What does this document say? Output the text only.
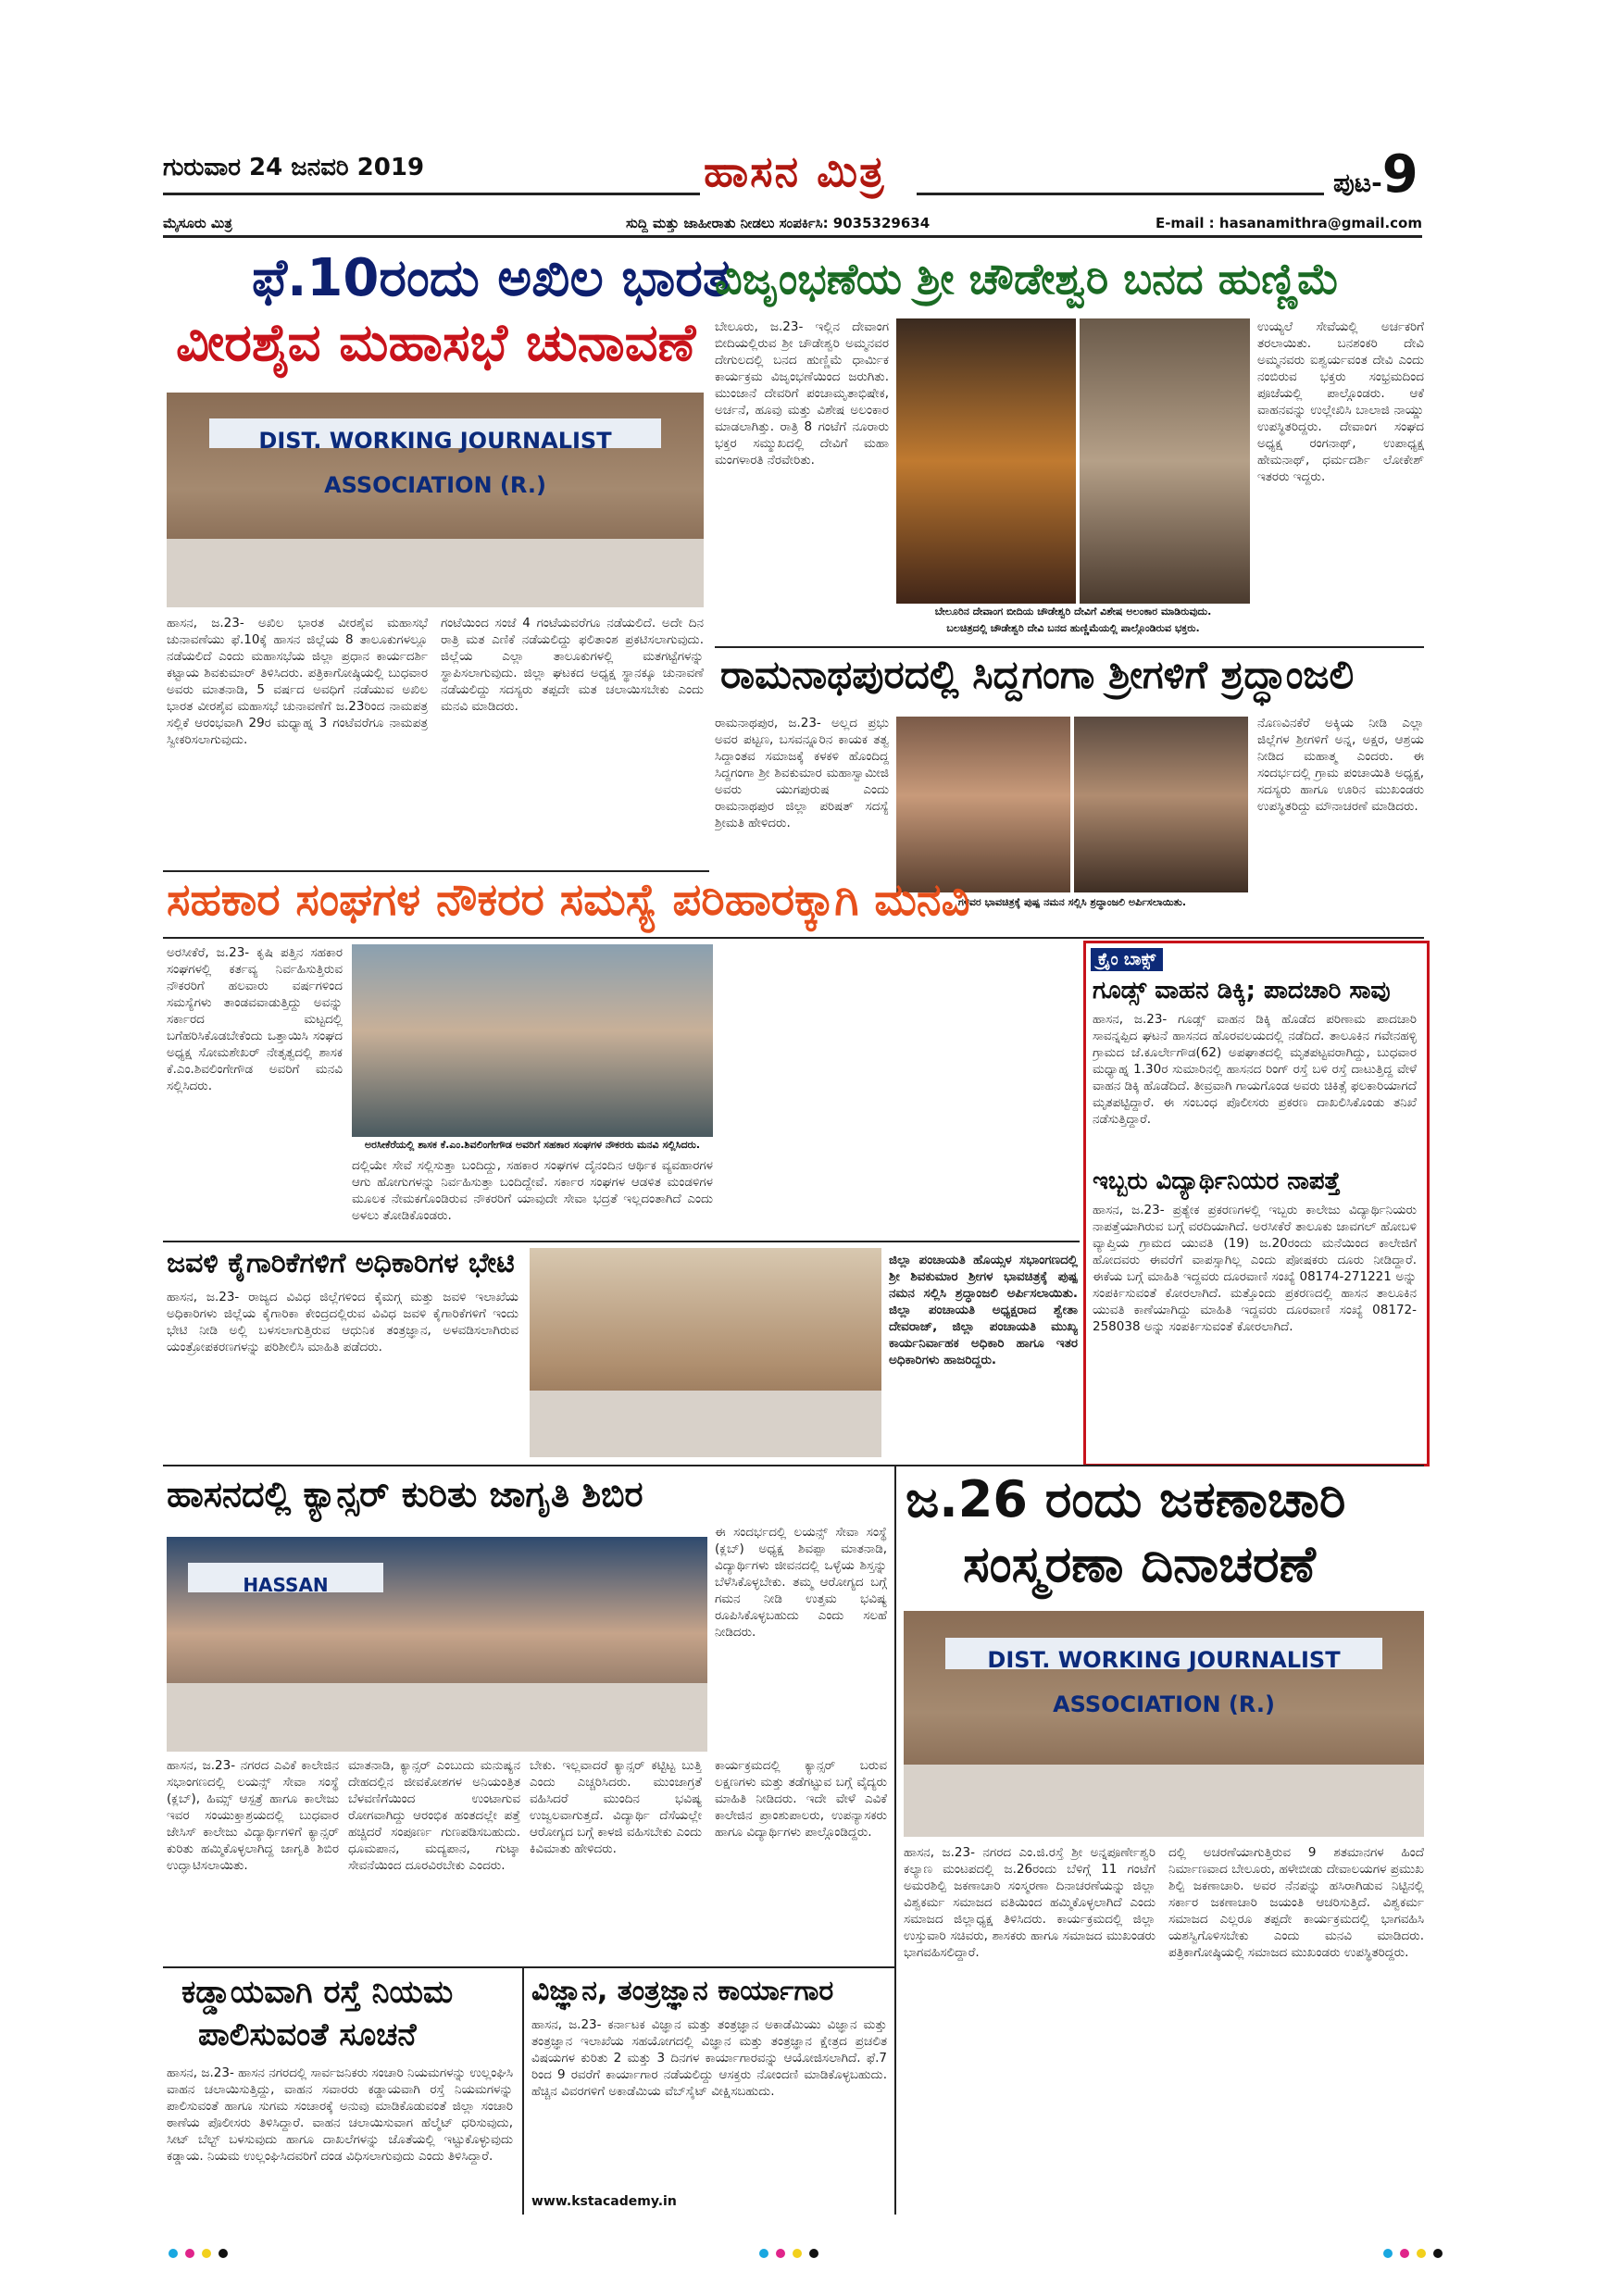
ಗುರುವಾರ 24 ಜನವರಿ 2019	ಹಾಸನ ಮಿತ್ರ	ಪುಟ-9
ಮೈಸೂರು ಮಿತ್ರ	ಸುದ್ದಿ ಮತ್ತು ಜಾಹೀರಾತು ನೀಡಲು ಸಂಪರ್ಕಿಸಿ: 9035329634	E-mail : hasanamithra@gmail.com
ಫೆ.10ರಂದು ಅಖಿಲ ಭಾರತ
ವೀರಶೈವ ಮಹಾಸಭೆ ಚುನಾವಣೆ
DIST. WORKING JOURNALIST ASSOCIATION (R.)
ಹಾಸನ, ಜ.23- ಅಖಿಲ ಭಾರತ ವೀರಶೈವ ಮಹಾಸಭೆ ಚುನಾವಣೆಯು ಫೆ.10ಕ್ಕೆ ಹಾಸನ ಜಿಲ್ಲೆಯ 8 ತಾಲೂಕುಗಳಲ್ಲೂ ನಡೆಯಲಿದೆ ಎಂದು ಮಹಾಸಭೆಯ ಜಿಲ್ಲಾ ಪ್ರಧಾನ ಕಾರ್ಯದರ್ಶಿ ಕಟ್ಟಾಯ ಶಿವಕುಮಾರ್ ತಿಳಿಸಿದರು. ಪತ್ರಿಕಾಗೋಷ್ಠಿಯಲ್ಲಿ ಬುಧವಾರ ಅವರು ಮಾತನಾಡಿ, 5 ವರ್ಷದ ಅವಧಿಗೆ ನಡೆಯುವ ಅಖಿಲ ಭಾರತ ವೀರಶೈವ ಮಹಾಸಭೆ ಚುನಾವಣೆಗೆ ಜ.23ರಿಂದ ನಾಮಪತ್ರ ಸಲ್ಲಿಕೆ ಆರಂಭವಾಗಿ 29ರ ಮಧ್ಯಾಹ್ನ 3 ಗಂಟೆವರೆಗೂ ನಾಮಪತ್ರ ಸ್ವೀಕರಿಸಲಾಗುವುದು.
ಗಂಟೆಯಿಂದ ಸಂಜೆ 4 ಗಂಟೆಯವರೆಗೂ ನಡೆಯಲಿದೆ. ಅದೇ ದಿನ ರಾತ್ರಿ ಮತ ಎಣಿಕೆ ನಡೆಯಲಿದ್ದು ಫಲಿತಾಂಶ ಪ್ರಕಟಿಸಲಾಗುವುದು. ಜಿಲ್ಲೆಯ ಎಲ್ಲಾ ತಾಲೂಕುಗಳಲ್ಲಿ ಮತಗಟ್ಟೆಗಳನ್ನು ಸ್ಥಾಪಿಸಲಾಗುವುದು. ಜಿಲ್ಲಾ ಘಟಕದ ಅಧ್ಯಕ್ಷ ಸ್ಥಾನಕ್ಕೂ ಚುನಾವಣೆ ನಡೆಯಲಿದ್ದು ಸದಸ್ಯರು ತಪ್ಪದೇ ಮತ ಚಲಾಯಿಸಬೇಕು ಎಂದು ಮನವಿ ಮಾಡಿದರು.
ವಿಜೃಂಭಣೆಯ ಶ್ರೀ ಚೌಡೇಶ್ವರಿ ಬನದ ಹುಣ್ಣಿಮೆ
ಬೇಲೂರು, ಜ.23- ಇಲ್ಲಿನ ದೇವಾಂಗ ಬೀದಿಯಲ್ಲಿರುವ ಶ್ರೀ ಚೌಡೇಶ್ವರಿ ಅಮ್ಮನವರ ದೇಗುಲದಲ್ಲಿ ಬನದ ಹುಣ್ಣಿಮೆ ಧಾರ್ಮಿಕ ಕಾರ್ಯಕ್ರಮ ವಿಜೃಂಭಣೆಯಿಂದ ಜರುಗಿತು. ಮುಂಜಾನೆ ದೇವರಿಗೆ ಪಂಚಾಮೃತಾಭಿಷೇಕ, ಅರ್ಚನೆ, ಹೂವು ಮತ್ತು ವಿಶೇಷ ಅಲಂಕಾರ ಮಾಡಲಾಗಿತ್ತು. ರಾತ್ರಿ 8 ಗಂಟೆಗೆ ನೂರಾರು ಭಕ್ತರ ಸಮ್ಮುಖದಲ್ಲಿ ದೇವಿಗೆ ಮಹಾ ಮಂಗಳಾರತಿ ನೆರವೇರಿತು.
ಬೇಲೂರಿನ ದೇವಾಂಗ ಬೀದಿಯ ಚೌಡೇಶ್ವರಿ ದೇವಿಗೆ ವಿಶೇಷ ಅಲಂಕಾರ ಮಾಡಿರುವುದು.
ಬಲಚಿತ್ರದಲ್ಲಿ ಚೌಡೇಶ್ವರಿ ದೇವಿ ಬನದ ಹುಣ್ಣಿಮೆಯಲ್ಲಿ ಪಾಲ್ಗೊಂಡಿರುವ ಭಕ್ತರು.
ಉಯ್ಯಲೆ ಸೇವೆಯಲ್ಲಿ ಅರ್ಚಕರಿಗೆ ತರಲಾಯಿತು. ಬನಶಂಕರಿ ದೇವಿ ಅಮ್ಮನವರು ಐಶ್ವರ್ಯವಂತ ದೇವಿ ಎಂದು ನಂಬಿರುವ ಭಕ್ತರು ಸಂಭ್ರಮದಿಂದ ಪೂಜೆಯಲ್ಲಿ ಪಾಲ್ಗೊಂಡರು. ಆಕೆ ವಾಹನವನ್ನು ಉಲ್ಲೇಖಿಸಿ ಬಾಲಾಜಿ ನಾಯ್ಡು ಉಪಸ್ಥಿತರಿದ್ದರು. ದೇವಾಂಗ ಸಂಘದ ಅಧ್ಯಕ್ಷ ರಂಗನಾಥ್, ಉಪಾಧ್ಯಕ್ಷ ಹೇಮನಾಥ್, ಧರ್ಮದರ್ಶಿ ಲೋಕೇಶ್ ಇತರರು ಇದ್ದರು.
ರಾಮನಾಥಪುರದಲ್ಲಿ ಸಿದ್ದಗಂಗಾ ಶ್ರೀಗಳಿಗೆ ಶ್ರದ್ಧಾಂಜಲಿ
ರಾಮನಾಥಪುರ, ಜ.23- ಅಲ್ಲದ ಪ್ರಭು ಅವರ ಪಟ್ಟಣ, ಬಸವನ್ನೂರಿನ ಕಾಯಕ ತತ್ವ ಸಿದ್ದಾಂತವ ಸಮಾಜಕ್ಕೆ ಕಳಕಳಿ ಹೊಂದಿದ್ದ ಸಿದ್ದಗಂಗಾ ಶ್ರೀ ಶಿವಕುಮಾರ ಮಹಾಸ್ವಾಮೀಜಿ ಅವರು ಯುಗಪುರುಷ ಎಂದು ರಾಮನಾಥಪುರ ಜಿಲ್ಲಾ ಪರಿಷತ್ ಸದಸ್ಯೆ ಶ್ರೀಮತಿ ಹೇಳಿದರು.
ಗಳವರ ಭಾವಚಿತ್ರಕ್ಕೆ ಪುಷ್ಪ ನಮನ ಸಲ್ಲಿಸಿ ಶ್ರದ್ಧಾಂಜಲಿ ಅರ್ಪಿಸಲಾಯಿತು.
ನೊಣವಿನಕೆರೆ ಅಕ್ಕಿಯ ನೀಡಿ ಎಲ್ಲಾ ಜಿಲ್ಲೆಗಳ ಶ್ರೀಗಳಿಗೆ ಅನ್ನ, ಅಕ್ಷರ, ಆಶ್ರಯ ನೀಡಿದ ಮಹಾತ್ಮ ಎಂದರು. ಈ ಸಂದರ್ಭದಲ್ಲಿ ಗ್ರಾಮ ಪಂಚಾಯಿತಿ ಅಧ್ಯಕ್ಷ, ಸದಸ್ಯರು ಹಾಗೂ ಊರಿನ ಮುಖಂಡರು ಉಪಸ್ಥಿತರಿದ್ದು ಮೌನಾಚರಣೆ ಮಾಡಿದರು.
ಸಹಕಾರ ಸಂಘಗಳ ನೌಕರರ ಸಮಸ್ಯೆ ಪರಿಹಾರಕ್ಕಾಗಿ ಮನವಿ
ಅರಸೀಕೆರೆ, ಜ.23- ಕೃಷಿ ಪತ್ತಿನ ಸಹಕಾರ ಸಂಘಗಳಲ್ಲಿ ಕರ್ತವ್ಯ ನಿರ್ವಹಿಸುತ್ತಿರುವ ನೌಕರರಿಗೆ ಹಲವಾರು ವರ್ಷಗಳಿಂದ ಸಮಸ್ಯೆಗಳು ತಾಂಡವವಾಡುತ್ತಿದ್ದು ಅವನ್ನು ಸರ್ಕಾರದ ಮಟ್ಟದಲ್ಲಿ ಬಗೆಹರಿಸಿಕೊಡಬೇಕೆಂದು ಒತ್ತಾಯಿಸಿ ಸಂಘದ ಅಧ್ಯಕ್ಷ ಸೋಮಶೇಖರ್ ನೇತೃತ್ವದಲ್ಲಿ ಶಾಸಕ ಕೆ.ಎಂ.ಶಿವಲಿಂಗೇಗೌಡ ಅವರಿಗೆ ಮನವಿ ಸಲ್ಲಿಸಿದರು.
ಅರಸೀಕೆರೆಯಲ್ಲಿ ಶಾಸಕ ಕೆ.ಎಂ.ಶಿವಲಿಂಗೇಗೌಡ ಅವರಿಗೆ ಸಹಕಾರ ಸಂಘಗಳ ನೌಕರರು ಮನವಿ ಸಲ್ಲಿಸಿದರು.
ದಲ್ಲಿಯೇ ಸೇವೆ ಸಲ್ಲಿಸುತ್ತಾ ಬಂದಿದ್ದು, ಸಹಕಾರ ಸಂಘಗಳ ದೈನಂದಿನ ಆರ್ಥಿಕ ವ್ಯವಹಾರಗಳ ಆಗು ಹೋಗುಗಳನ್ನು ನಿರ್ವಹಿಸುತ್ತಾ ಬಂದಿದ್ದೇವೆ. ಸರ್ಕಾರ ಸಂಘಗಳ ಆಡಳಿತ ಮಂಡಳಿಗಳ ಮೂಲಕ ನೇಮಕಗೊಂಡಿರುವ ನೌಕರರಿಗೆ ಯಾವುದೇ ಸೇವಾ ಭದ್ರತೆ ಇಲ್ಲದಂತಾಗಿದೆ ಎಂದು ಅಳಲು ತೋಡಿಕೊಂಡರು.
ಕ್ರೈಂ ಬಾಕ್ಸ್
ಗೂಡ್ಸ್ ವಾಹನ ಡಿಕ್ಕಿ; ಪಾದಚಾರಿ ಸಾವು
ಹಾಸನ, ಜ.23- ಗೂಡ್ಸ್ ವಾಹನ ಡಿಕ್ಕಿ ಹೊಡೆದ ಪರಿಣಾಮ ಪಾದಚಾರಿ ಸಾವನ್ನಪ್ಪಿದ ಘಟನೆ ಹಾಸನದ ಹೊರವಲಯದಲ್ಲಿ ನಡೆದಿದೆ. ತಾಲೂಕಿನ ಗವೇನಹಳ್ಳಿ ಗ್ರಾಮದ ಜೆ.ಕೂರ್ಲೇಗೌಡ(62) ಅಪಘಾತದಲ್ಲಿ ಮೃತಪಟ್ಟವರಾಗಿದ್ದು, ಬುಧವಾರ ಮಧ್ಯಾಹ್ನ 1.30ರ ಸುಮಾರಿನಲ್ಲಿ ಹಾಸನದ ರಿಂಗ್ ರಸ್ತೆ ಬಳಿ ರಸ್ತೆ ದಾಟುತ್ತಿದ್ದ ವೇಳೆ ವಾಹನ ಡಿಕ್ಕಿ ಹೊಡೆದಿದೆ. ತೀವ್ರವಾಗಿ ಗಾಯಗೊಂಡ ಅವರು ಚಿಕಿತ್ಸೆ ಫಲಕಾರಿಯಾಗದೆ ಮೃತಪಟ್ಟಿದ್ದಾರೆ. ಈ ಸಂಬಂಧ ಪೊಲೀಸರು ಪ್ರಕರಣ ದಾಖಲಿಸಿಕೊಂಡು ತನಿಖೆ ನಡೆಸುತ್ತಿದ್ದಾರೆ.
ಇಬ್ಬರು ವಿದ್ಯಾರ್ಥಿನಿಯರ ನಾಪತ್ತೆ
ಹಾಸನ, ಜ.23- ಪ್ರತ್ಯೇಕ ಪ್ರಕರಣಗಳಲ್ಲಿ ಇಬ್ಬರು ಕಾಲೇಜು ವಿದ್ಯಾರ್ಥಿನಿಯರು ನಾಪತ್ತೆಯಾಗಿರುವ ಬಗ್ಗೆ ವರದಿಯಾಗಿದೆ. ಅರಸೀಕೆರೆ ತಾಲೂಕು ಜಾವಗಲ್ ಹೋಬಳಿ ವ್ಯಾಪ್ತಿಯ ಗ್ರಾಮದ ಯುವತಿ (19) ಜ.20ರಂದು ಮನೆಯಿಂದ ಕಾಲೇಜಿಗೆ ಹೋದವರು ಈವರೆಗೆ ವಾಪಸ್ಸಾಗಿಲ್ಲ ಎಂದು ಪೋಷಕರು ದೂರು ನೀಡಿದ್ದಾರೆ. ಈಕೆಯ ಬಗ್ಗೆ ಮಾಹಿತಿ ಇದ್ದವರು ದೂರವಾಣಿ ಸಂಖ್ಯೆ 08174-271221 ಅನ್ನು ಸಂಪರ್ಕಿಸುವಂತೆ ಕೋರಲಾಗಿದೆ. ಮತ್ತೊಂದು ಪ್ರಕರಣದಲ್ಲಿ ಹಾಸನ ತಾಲೂಕಿನ ಯುವತಿ ಕಾಣೆಯಾಗಿದ್ದು ಮಾಹಿತಿ ಇದ್ದವರು ದೂರವಾಣಿ ಸಂಖ್ಯೆ 08172-258038 ಅನ್ನು ಸಂಪರ್ಕಿಸುವಂತೆ ಕೋರಲಾಗಿದೆ.
ಜವಳಿ ಕೈಗಾರಿಕೆಗಳಿಗೆ ಅಧಿಕಾರಿಗಳ ಭೇಟಿ
ಹಾಸನ, ಜ.23- ರಾಜ್ಯದ ವಿವಿಧ ಜಿಲ್ಲೆಗಳಿಂದ ಕೈಮಗ್ಗ ಮತ್ತು ಜವಳಿ ಇಲಾಖೆಯ ಅಧಿಕಾರಿಗಳು ಜಿಲ್ಲೆಯ ಕೈಗಾರಿಕಾ ಕೇಂದ್ರದಲ್ಲಿರುವ ವಿವಿಧ ಜವಳಿ ಕೈಗಾರಿಕೆಗಳಿಗೆ ಇಂದು ಭೇಟಿ ನೀಡಿ ಅಲ್ಲಿ ಬಳಸಲಾಗುತ್ತಿರುವ ಆಧುನಿಕ ತಂತ್ರಜ್ಞಾನ, ಅಳವಡಿಸಲಾಗಿರುವ ಯಂತ್ರೋಪಕರಣಗಳನ್ನು ಪರಿಶೀಲಿಸಿ ಮಾಹಿತಿ ಪಡೆದರು.
ಜಿಲ್ಲಾ ಪಂಚಾಯತಿ ಹೊಯ್ಸಳ ಸಭಾಂಗಣದಲ್ಲಿ ಶ್ರೀ ಶಿವಕುಮಾರ ಶ್ರೀಗಳ ಭಾವಚಿತ್ರಕ್ಕೆ ಪುಷ್ಪ ನಮನ ಸಲ್ಲಿಸಿ ಶ್ರದ್ಧಾಂಜಲಿ ಅರ್ಪಿಸಲಾಯಿತು. ಜಿಲ್ಲಾ ಪಂಚಾಯತಿ ಅಧ್ಯಕ್ಷರಾದ ಶ್ವೇತಾ ದೇವರಾಜ್, ಜಿಲ್ಲಾ ಪಂಚಾಯತಿ ಮುಖ್ಯ ಕಾರ್ಯನಿರ್ವಾಹಕ ಅಧಿಕಾರಿ ಹಾಗೂ ಇತರ ಅಧಿಕಾರಿಗಳು ಹಾಜರಿದ್ದರು.
ಹಾಸನದಲ್ಲಿ ಕ್ಯಾನ್ಸರ್ ಕುರಿತು ಜಾಗೃತಿ ಶಿಬಿರ
HASSAN
ಈ ಸಂದರ್ಭದಲ್ಲಿ ಲಯನ್ಸ್ ಸೇವಾ ಸಂಸ್ಥೆ (ಕ್ಲಬ್) ಅಧ್ಯಕ್ಷ ಶಿವಪ್ಪಾ ಮಾತನಾಡಿ, ವಿದ್ಯಾರ್ಥಿಗಳು ಜೀವನದಲ್ಲಿ ಒಳ್ಳೆಯ ಶಿಸ್ತನ್ನು ಬೆಳೆಸಿಕೊಳ್ಳಬೇಕು. ತಮ್ಮ ಆರೋಗ್ಯದ ಬಗ್ಗೆ ಗಮನ ನೀಡಿ ಉತ್ತಮ ಭವಿಷ್ಯ ರೂಪಿಸಿಕೊಳ್ಳಬಹುದು ಎಂದು ಸಲಹೆ ನೀಡಿದರು.
ಹಾಸನ, ಜ.23- ನಗರದ ಎವಿಕೆ ಕಾಲೇಜಿನ ಸಭಾಂಗಣದಲ್ಲಿ ಲಯನ್ಸ್ ಸೇವಾ ಸಂಸ್ಥೆ (ಕ್ಲಬ್), ಹಿಮ್ಸ್ ಆಸ್ಪತ್ರೆ ಹಾಗೂ ಕಾಲೇಜು ಇವರ ಸಂಯುಕ್ತಾಶ್ರಯದಲ್ಲಿ ಬುಧವಾರ ಜೇಸಿಸ್ ಕಾಲೇಜು ವಿದ್ಯಾರ್ಥಿಗಳಿಗೆ ಕ್ಯಾನ್ಸರ್ ಕುರಿತು ಹಮ್ಮಿಕೊಳ್ಳಲಾಗಿದ್ದ ಜಾಗೃತಿ ಶಿಬಿರ ಉದ್ಘಾಟಿಸಲಾಯಿತು.
ಮಾತನಾಡಿ, ಕ್ಯಾನ್ಸರ್ ಎಂಬುದು ಮನುಷ್ಯನ ದೇಹದಲ್ಲಿನ ಜೀವಕೋಶಗಳ ಅನಿಯಂತ್ರಿತ ಬೆಳವಣಿಗೆಯಿಂದ ಉಂಟಾಗುವ ರೋಗವಾಗಿದ್ದು ಆರಂಭಿಕ ಹಂತದಲ್ಲೇ ಪತ್ತೆ ಹಚ್ಚಿದರೆ ಸಂಪೂರ್ಣ ಗುಣಪಡಿಸಬಹುದು. ಧೂಮಪಾನ, ಮದ್ಯಪಾನ, ಗುಟ್ಕಾ ಸೇವನೆಯಿಂದ ದೂರವಿರಬೇಕು ಎಂದರು.
ಬೇಕು. ಇಲ್ಲವಾದರೆ ಕ್ಯಾನ್ಸರ್ ಕಟ್ಟಿಟ್ಟ ಬುತ್ತಿ ಎಂದು ಎಚ್ಚರಿಸಿದರು. ಮುಂಜಾಗ್ರತೆ ವಹಿಸಿದರೆ ಮುಂದಿನ ಭವಿಷ್ಯ ಉಜ್ವಲವಾಗುತ್ತದೆ. ವಿದ್ಯಾರ್ಥಿ ದೆಸೆಯಲ್ಲೇ ಆರೋಗ್ಯದ ಬಗ್ಗೆ ಕಾಳಜಿ ವಹಿಸಬೇಕು ಎಂದು ಕಿವಿಮಾತು ಹೇಳಿದರು.
ಕಾರ್ಯಕ್ರಮದಲ್ಲಿ ಕ್ಯಾನ್ಸರ್ ಬರುವ ಲಕ್ಷಣಗಳು ಮತ್ತು ತಡೆಗಟ್ಟುವ ಬಗ್ಗೆ ವೈದ್ಯರು ಮಾಹಿತಿ ನೀಡಿದರು. ಇದೇ ವೇಳೆ ಎವಿಕೆ ಕಾಲೇಜಿನ ಪ್ರಾಂಶುಪಾಲರು, ಉಪನ್ಯಾಸಕರು ಹಾಗೂ ವಿದ್ಯಾರ್ಥಿಗಳು ಪಾಲ್ಗೊಂಡಿದ್ದರು.
ಜ.26 ರಂದು ಜಕಣಾಚಾರಿ
ಸಂಸ್ಮರಣಾ ದಿನಾಚರಣೆ
DIST. WORKING JOURNALIST ASSOCIATION (R.)
ಹಾಸನ, ಜ.23- ನಗರದ ಎಂ.ಜಿ.ರಸ್ತೆ ಶ್ರೀ ಅನ್ನಪೂರ್ಣೇಶ್ವರಿ ಕಲ್ಯಾಣ ಮಂಟಪದಲ್ಲಿ ಜ.26ರಂದು ಬೆಳಿಗ್ಗೆ 11 ಗಂಟೆಗೆ ಅಮರಶಿಲ್ಪಿ ಜಕಣಾಚಾರಿ ಸಂಸ್ಮರಣಾ ದಿನಾಚರಣೆಯನ್ನು ಜಿಲ್ಲಾ ವಿಶ್ವಕರ್ಮ ಸಮಾಜದ ವತಿಯಿಂದ ಹಮ್ಮಿಕೊಳ್ಳಲಾಗಿದೆ ಎಂದು ಸಮಾಜದ ಜಿಲ್ಲಾಧ್ಯಕ್ಷ ತಿಳಿಸಿದರು. ಕಾರ್ಯಕ್ರಮದಲ್ಲಿ ಜಿಲ್ಲಾ ಉಸ್ತುವಾರಿ ಸಚಿವರು, ಶಾಸಕರು ಹಾಗೂ ಸಮಾಜದ ಮುಖಂಡರು ಭಾಗವಹಿಸಲಿದ್ದಾರೆ.
ದಲ್ಲಿ ಅಚರಣೆಯಾಗುತ್ತಿರುವ 9 ಶತಮಾನಗಳ ಹಿಂದೆ ನಿರ್ಮಾಣವಾದ ಬೇಲೂರು, ಹಳೇಬೀಡು ದೇವಾಲಯಗಳ ಪ್ರಮುಖ ಶಿಲ್ಪಿ ಜಕಣಾಚಾರಿ. ಅವರ ನೆನಪನ್ನು ಹಸಿರಾಗಿಡುವ ನಿಟ್ಟಿನಲ್ಲಿ ಸರ್ಕಾರ ಜಕಣಾಚಾರಿ ಜಯಂತಿ ಆಚರಿಸುತ್ತಿದೆ. ವಿಶ್ವಕರ್ಮ ಸಮಾಜದ ಎಲ್ಲರೂ ತಪ್ಪದೇ ಕಾರ್ಯಕ್ರಮದಲ್ಲಿ ಭಾಗವಹಿಸಿ ಯಶಸ್ವಿಗೊಳಿಸಬೇಕು ಎಂದು ಮನವಿ ಮಾಡಿದರು. ಪತ್ರಿಕಾಗೋಷ್ಠಿಯಲ್ಲಿ ಸಮಾಜದ ಮುಖಂಡರು ಉಪಸ್ಥಿತರಿದ್ದರು.
ಕಡ್ಡಾಯವಾಗಿ ರಸ್ತೆ ನಿಯಮ
ಪಾಲಿಸುವಂತೆ ಸೂಚನೆ
ಹಾಸನ, ಜ.23- ಹಾಸನ ನಗರದಲ್ಲಿ ಸಾರ್ವಜನಿಕರು ಸಂಚಾರಿ ನಿಯಮಗಳನ್ನು ಉಲ್ಲಂಘಿಸಿ ವಾಹನ ಚಲಾಯಿಸುತ್ತಿದ್ದು, ವಾಹನ ಸವಾರರು ಕಡ್ಡಾಯವಾಗಿ ರಸ್ತೆ ನಿಯಮಗಳನ್ನು ಪಾಲಿಸುವಂತೆ ಹಾಗೂ ಸುಗಮ ಸಂಚಾರಕ್ಕೆ ಅನುವು ಮಾಡಿಕೊಡುವಂತೆ ಜಿಲ್ಲಾ ಸಂಚಾರಿ ಠಾಣೆಯ ಪೊಲೀಸರು ತಿಳಿಸಿದ್ದಾರೆ. ವಾಹನ ಚಲಾಯಿಸುವಾಗ ಹೆಲ್ಮೆಟ್ ಧರಿಸುವುದು, ಸೀಟ್ ಬೆಲ್ಟ್ ಬಳಸುವುದು ಹಾಗೂ ದಾಖಲೆಗಳನ್ನು ಜೊತೆಯಲ್ಲಿ ಇಟ್ಟುಕೊಳ್ಳುವುದು ಕಡ್ಡಾಯ. ನಿಯಮ ಉಲ್ಲಂಘಿಸಿದವರಿಗೆ ದಂಡ ವಿಧಿಸಲಾಗುವುದು ಎಂದು ತಿಳಿಸಿದ್ದಾರೆ.
ವಿಜ್ಞಾನ, ತಂತ್ರಜ್ಞಾನ ಕಾರ್ಯಾಗಾರ
ಹಾಸನ, ಜ.23- ಕರ್ನಾಟಕ ವಿಜ್ಞಾನ ಮತ್ತು ತಂತ್ರಜ್ಞಾನ ಅಕಾಡೆಮಿಯು ವಿಜ್ಞಾನ ಮತ್ತು ತಂತ್ರಜ್ಞಾನ ಇಲಾಖೆಯ ಸಹಯೋಗದಲ್ಲಿ ವಿಜ್ಞಾನ ಮತ್ತು ತಂತ್ರಜ್ಞಾನ ಕ್ಷೇತ್ರದ ಪ್ರಚಲಿತ ವಿಷಯಗಳ ಕುರಿತು 2 ಮತ್ತು 3 ದಿನಗಳ ಕಾರ್ಯಾಗಾರವನ್ನು ಆಯೋಜಿಸಲಾಗಿದೆ. ಫೆ.7 ರಿಂದ 9 ರವರೆಗೆ ಕಾರ್ಯಾಗಾರ ನಡೆಯಲಿದ್ದು ಆಸಕ್ತರು ನೋಂದಣಿ ಮಾಡಿಕೊಳ್ಳಬಹುದು. ಹೆಚ್ಚಿನ ವಿವರಗಳಿಗೆ ಅಕಾಡೆಮಿಯ ವೆಬ್‌ಸೈಟ್ ವೀಕ್ಷಿಸಬಹುದು.
www.kstacademy.in
